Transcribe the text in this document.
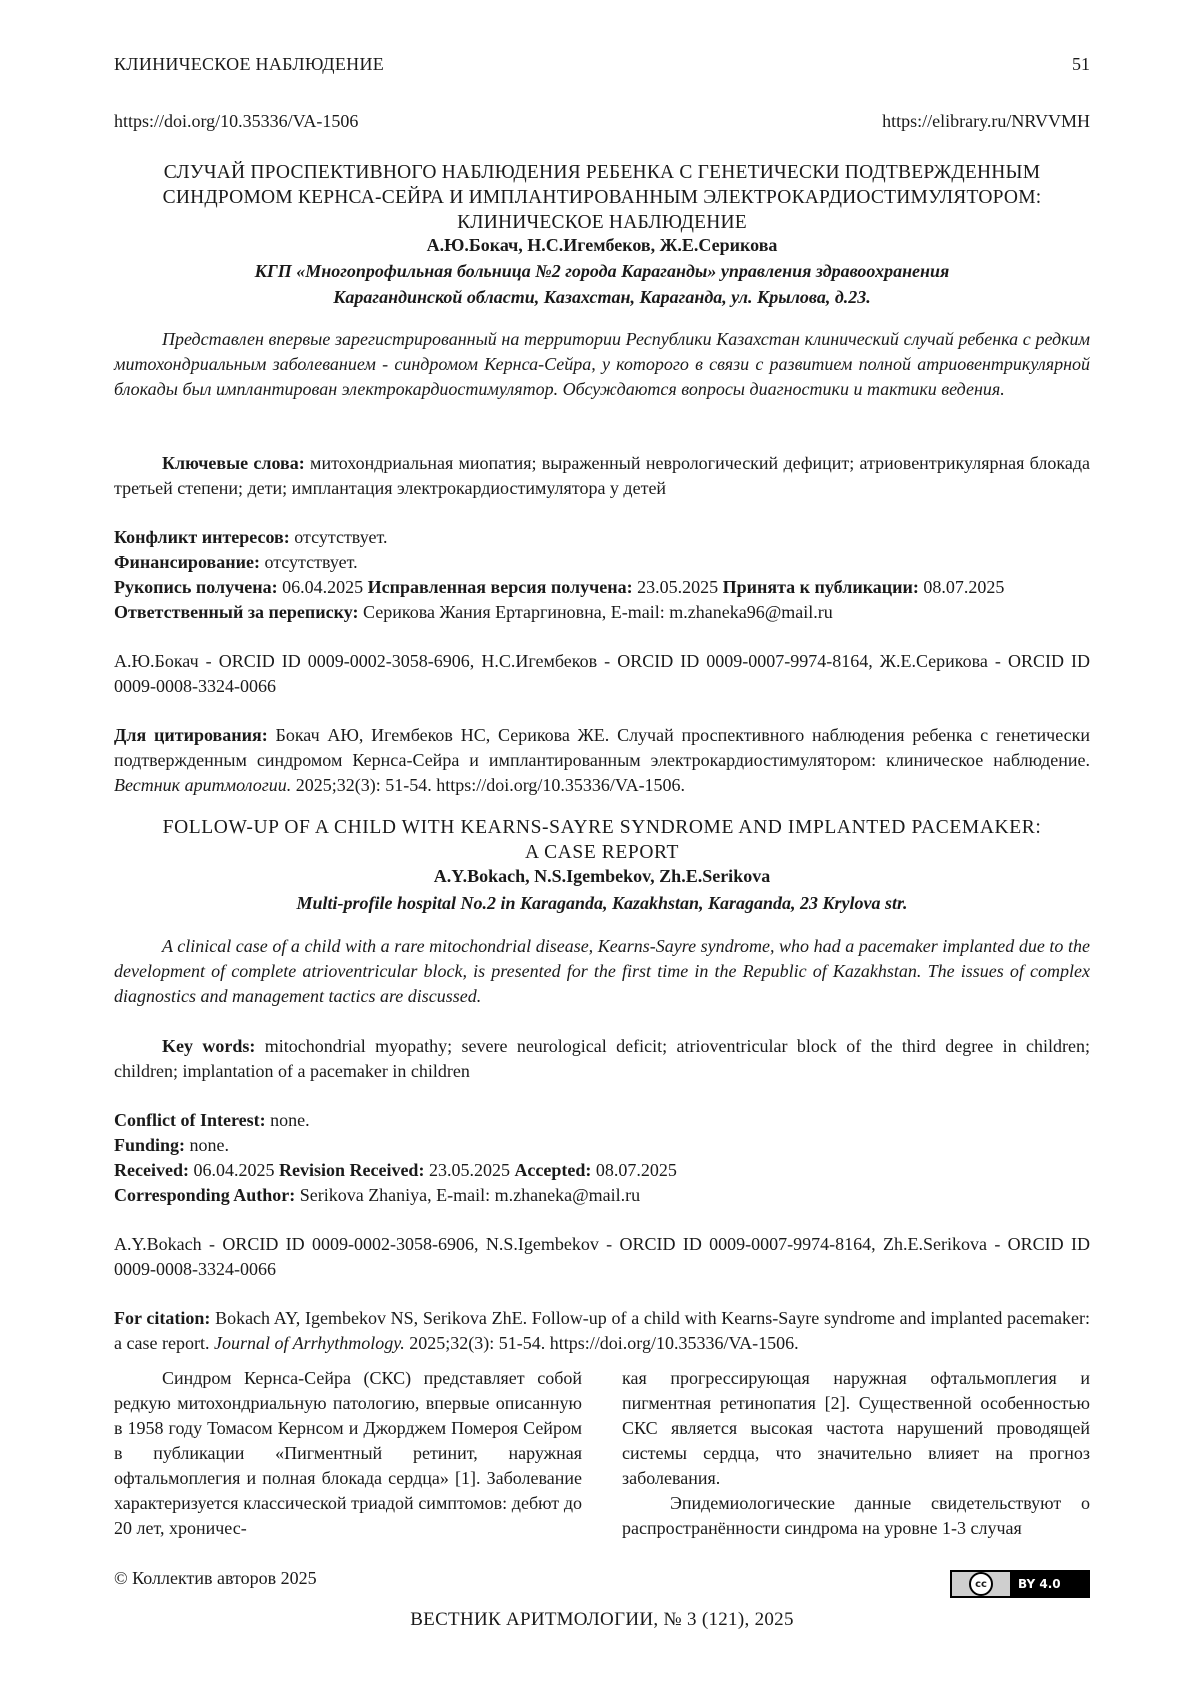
КЛИНИЧЕСКОЕ НАБЛЮДЕНИЕ	51
https://doi.org/10.35336/VA-1506	https://elibrary.ru/NRVVMH
СЛУЧАЙ ПРОСПЕКТИВНОГО НАБЛЮДЕНИЯ РЕБЕНКА С ГЕНЕТИЧЕСКИ ПОДТВЕРЖДЕННЫМ
СИНДРОМОМ КЕРНСА-СЕЙРА И ИМПЛАНТИРОВАННЫМ ЭЛЕКТРОКАРДИОСТИМУЛЯТОРОМ:
КЛИНИЧЕСКОЕ НАБЛЮДЕНИЕ
А.Ю.Бокач, Н.С.Игембеков, Ж.Е.Серикова
КГП «Многопрофильная больница №2 города Караганды» управления здравоохранения
Карагандинской области, Казахстан, Караганда, ул. Крылова, д.23.
Представлен впервые зарегистрированный на территории Республики Казахстан клинический случай ребенка с редким митохондриальным заболеванием - синдромом Кернса-Сейра, у которого в связи с развитием полной атриовентрикулярной блокады был имплантирован электрокардиостимулятор. Обсуждаются вопросы диагностики и тактики ведения.
Ключевые слова: митохондриальная миопатия; выраженный неврологический дефицит; атриовентрикулярная блокада третьей степени; дети; имплантация электрокардиостимулятора у детей
Конфликт интересов: отсутствует.
Финансирование: отсутствует.
Рукопись получена: 06.04.2025 Исправленная версия получена: 23.05.2025 Принята к публикации: 08.07.2025
Ответственный за переписку: Серикова Жания Ертаргиновна, E-mail: m.zhaneka96@mail.ru
А.Ю.Бокач - ORCID ID 0009-0002-3058-6906, Н.С.Игембеков - ORCID ID 0009-0007-9974-8164, Ж.Е.Серикова - ORCID ID 0009-0008-3324-0066
Для цитирования: Бокач АЮ, Игембеков НС, Серикова ЖЕ. Случай проспективного наблюдения ребенка с генетически подтвержденным синдромом Кернса-Сейра и имплантированным электрокардиостимулятором: клиническое наблюдение. Вестник аритмологии. 2025;32(3): 51-54. https://doi.org/10.35336/VA-1506.
FOLLOW-UP OF A CHILD WITH KEARNS-SAYRE SYNDROME AND IMPLANTED PACEMAKER:
A CASE REPORT
A.Y.Bokach, N.S.Igembekov, Zh.E.Serikova
Multi-profile hospital No.2 in Karaganda, Kazakhstan, Karaganda, 23 Krylova str.
A clinical case of a child with a rare mitochondrial disease, Kearns-Sayre syndrome, who had a pacemaker implanted due to the development of complete atrioventricular block, is presented for the first time in the Republic of Kazakhstan. The issues of complex diagnostics and management tactics are discussed.
Key words: mitochondrial myopathy; severe neurological deficit; atrioventricular block of the third degree in children; children; implantation of a pacemaker in children
Conflict of Interest: none.
Funding: none.
Received: 06.04.2025 Revision Received: 23.05.2025 Accepted: 08.07.2025
Corresponding Author: Serikova Zhaniya, E-mail: m.zhaneka@mail.ru
A.Y.Bokach - ORCID ID 0009-0002-3058-6906, N.S.Igembekov - ORCID ID 0009-0007-9974-8164, Zh.E.Serikova - ORCID ID 0009-0008-3324-0066
For citation: Bokach AY, Igembekov NS, Serikova ZhE. Follow-up of a child with Kearns-Sayre syndrome and implanted pacemaker: a case report. Journal of Arrhythmology. 2025;32(3): 51-54. https://doi.org/10.35336/VA-1506.

Синдром Кернса-Сейра (СКС) представляет собой редкую митохондриальную патологию, впервые описанную в 1958 году Томасом Кернсом и Джорджем Помероя Сейром в публикации «Пигментный ретинит, наружная офтальмоплегия и полная блокада сердца» [1]. Заболевание характеризуется классической триадой симптомов: дебют до 20 лет, хроничес-

кая прогрессирующая наружная офтальмоплегия и пигментная ретинопатия [2]. Существенной особенностью СКС является высокая частота нарушений проводящей системы сердца, что значительно влияет на прогноз заболевания.

Эпидемиологические данные свидетельствуют о распространённости синдрома на уровне 1-3 случая

© Коллектив авторов 2025	cc	BY 4.0
ВЕСТНИК АРИТМОЛОГИИ, № 3 (121), 2025
